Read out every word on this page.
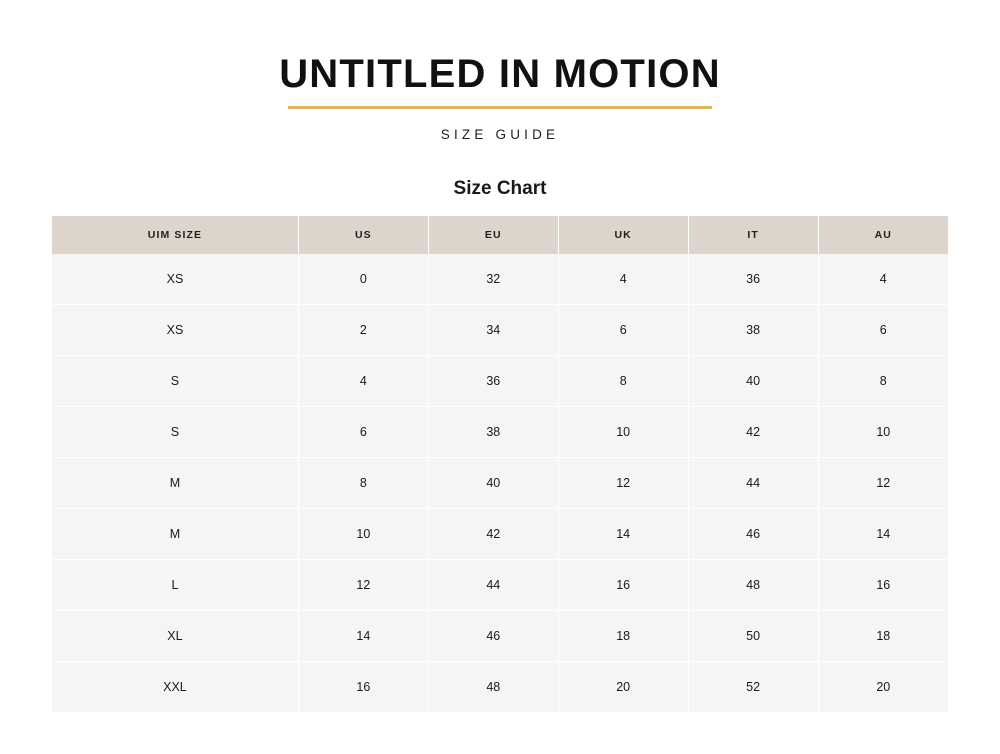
UNTITLED IN MOTION
SIZE GUIDE
Size Chart
UIM SIZE	US	EU	UK	IT	AU
XS	0	32	4	36	4
XS	2	34	6	38	6
S	4	36	8	40	8
S	6	38	10	42	10
M	8	40	12	44	12
M	10	42	14	46	14
L	12	44	16	48	16
XL	14	46	18	50	18
XXL	16	48	20	52	20
